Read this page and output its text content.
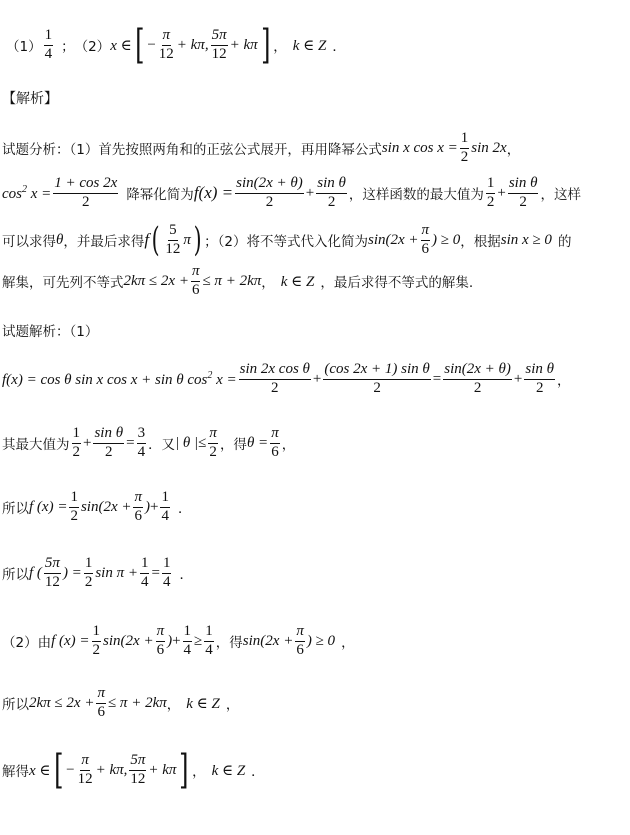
$(1) \frac{1}{4}$ ； （2） x ∈ [ − $\frac{\pi}{12} + k\pi$, $\frac{5\pi}{12} + k\pi$ ] ， k ∈ Z ．
【解析】
试题分析：（1）首先按照两角和的正弦公式展开，再用降幂公式 sin x $\cos x = \frac{1}{2}$ sin 2x ，
$\cos^2 x = \frac{1 + \cos 2x}{2}$ 降幂化简为 $f(x) = \frac{\sin(2x + \theta)}{2} + \frac{\text{sin θ}}{2}$ ，这样函数的最大值为 $\frac{1}{2} + \frac{\text{sin θ}}{2}$ ，这样
可以求得 θ ，并最后求得 f ( $\frac{5}{12}$ π ) ；（2）将不等式代入化简为 $\sin(2x + \frac{\pi}{6}$ ) ≥ 0 ，根据 sin x ≥ 0 的
解集，可先列不等式 $2k\pi \le 2x + \frac{\pi}{6} \le \pi + 2k\pi$ ， k ∈ Z ，最后求得不等式的解集.
试题解析：（1）
f(x) = cos θ sin x cos x + sin θ $\cos^2 x = \frac{\text{sin 2x cos θ}}{2} + \frac{\text{(cos 2x + 1) sin θ}}{2} = \frac{\sin(2x + \theta)}{2} + \frac{\text{sin θ}}{2}$ ，
其最大值为 $\frac{1}{2} + \frac{\text{sin θ}}{2} = \frac{3}{4}$ ．又 | θ |≤ $\frac{\pi}{2}$ ，得 $\theta = \frac{\pi}{6}$ ，
所以 f $(x) = \frac{1}{2} \sin(2x + \frac{\pi}{6}$ ) + $\frac{1}{4}$ ．
所以 f ( $\frac{5\pi}{12}$ ) = $\frac{1}{2}$ $\sin \pi + \frac{1}{4} = \frac{1}{4}$ ．
（2）由 f $(x) = \frac{1}{2} \sin(2x + \frac{\pi}{6}$ ) + $\frac{1}{4} \ge \frac{1}{4}$ ，得 $\sin(2x + \frac{\pi}{6}$ ) ≥ 0 ，
所以 $2k\pi \le 2x + \frac{\pi}{6} \le \pi + 2k\pi$ ， k ∈ Z ，
解得 x ∈ [ − $\frac{\pi}{12} + k\pi$, $\frac{5\pi}{12} + k\pi$ ] ， k ∈ Z ．
